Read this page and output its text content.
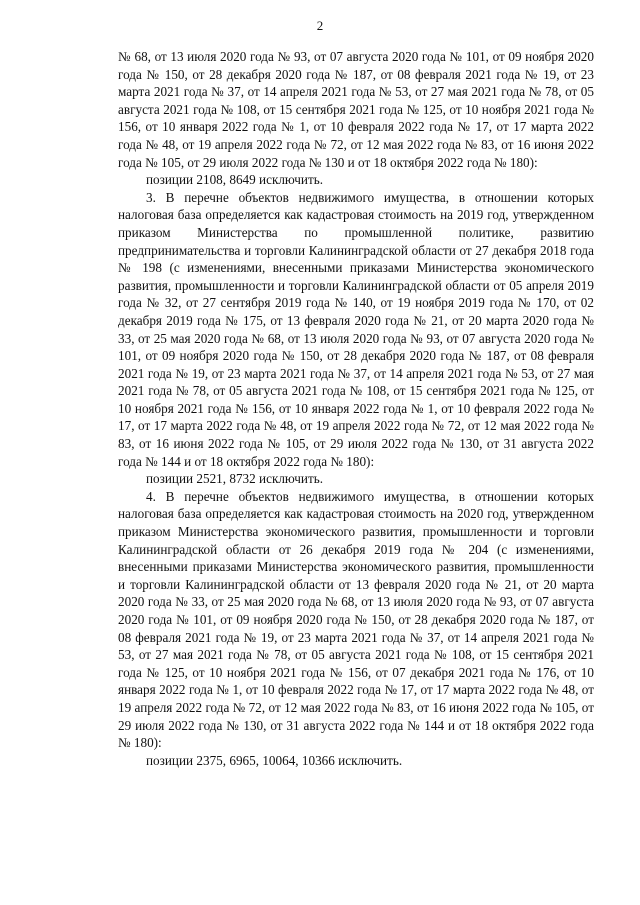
2

№ 68, от 13 июля 2020 года № 93, от 07 августа 2020 года № 101, от 09 ноября 2020 года № 150, от 28 декабря 2020 года № 187, от 08 февраля 2021 года № 19, от 23 марта 2021 года № 37, от 14 апреля 2021 года № 53, от 27 мая 2021 года № 78, от 05 августа 2021 года № 108, от 15 сентября 2021 года № 125, от 10 ноября 2021 года № 156, от 10 января 2022 года № 1, от 10 февраля 2022 года № 17, от 17 марта 2022 года № 48, от 19 апреля 2022 года № 72, от 12 мая 2022 года № 83, от 16 июня 2022 года № 105, от 29 июля 2022 года № 130 и от 18 октября 2022 года № 180):

позиции 2108, 8649 исключить.

3. В перечне объектов недвижимого имущества, в отношении которых налоговая база определяется как кадастровая стоимость на 2019 год, утвержденном приказом Министерства по промышленной политике, развитию предпринимательства и торговли Калининградской области от 27 декабря 2018 года № 198 (с изменениями, внесенными приказами Министерства экономического развития, промышленности и торговли Калининградской области от 05 апреля 2019 года № 32, от 27 сентября 2019 года № 140, от 19 ноября 2019 года № 170, от 02 декабря 2019 года № 175, от 13 февраля 2020 года № 21, от 20 марта 2020 года № 33, от 25 мая 2020 года № 68, от 13 июля 2020 года № 93, от 07 августа 2020 года № 101, от 09 ноября 2020 года № 150, от 28 декабря 2020 года № 187, от 08 февраля 2021 года № 19, от 23 марта 2021 года № 37, от 14 апреля 2021 года № 53, от 27 мая 2021 года № 78, от 05 августа 2021 года № 108, от 15 сентября 2021 года № 125, от 10 ноября 2021 года № 156, от 10 января 2022 года № 1, от 10 февраля 2022 года № 17, от 17 марта 2022 года № 48, от 19 апреля 2022 года № 72, от 12 мая 2022 года № 83, от 16 июня 2022 года № 105, от 29 июля 2022 года № 130, от 31 августа 2022 года № 144 и от 18 октября 2022 года № 180):

позиции 2521, 8732 исключить.

4. В перечне объектов недвижимого имущества, в отношении которых налоговая база определяется как кадастровая стоимость на 2020 год, утвержденном приказом Министерства экономического развития, промышленности и торговли Калининградской области от 26 декабря 2019 года № 204 (с изменениями, внесенными приказами Министерства экономического развития, промышленности и торговли Калининградской области от 13 февраля 2020 года № 21, от 20 марта 2020 года № 33, от 25 мая 2020 года № 68, от 13 июля 2020 года № 93, от 07 августа 2020 года № 101, от 09 ноября 2020 года № 150, от 28 декабря 2020 года № 187, от 08 февраля 2021 года № 19, от 23 марта 2021 года № 37, от 14 апреля 2021 года № 53, от 27 мая 2021 года № 78, от 05 августа 2021 года № 108, от 15 сентября 2021 года № 125, от 10 ноября 2021 года № 156, от 07 декабря 2021 года № 176, от 10 января 2022 года № 1, от 10 февраля 2022 года № 17, от 17 марта 2022 года № 48, от 19 апреля 2022 года № 72, от 12 мая 2022 года № 83, от 16 июня 2022 года № 105, от 29 июля 2022 года № 130, от 31 августа 2022 года № 144 и от 18 октября 2022 года № 180):

позиции 2375, 6965, 10064, 10366 исключить.
